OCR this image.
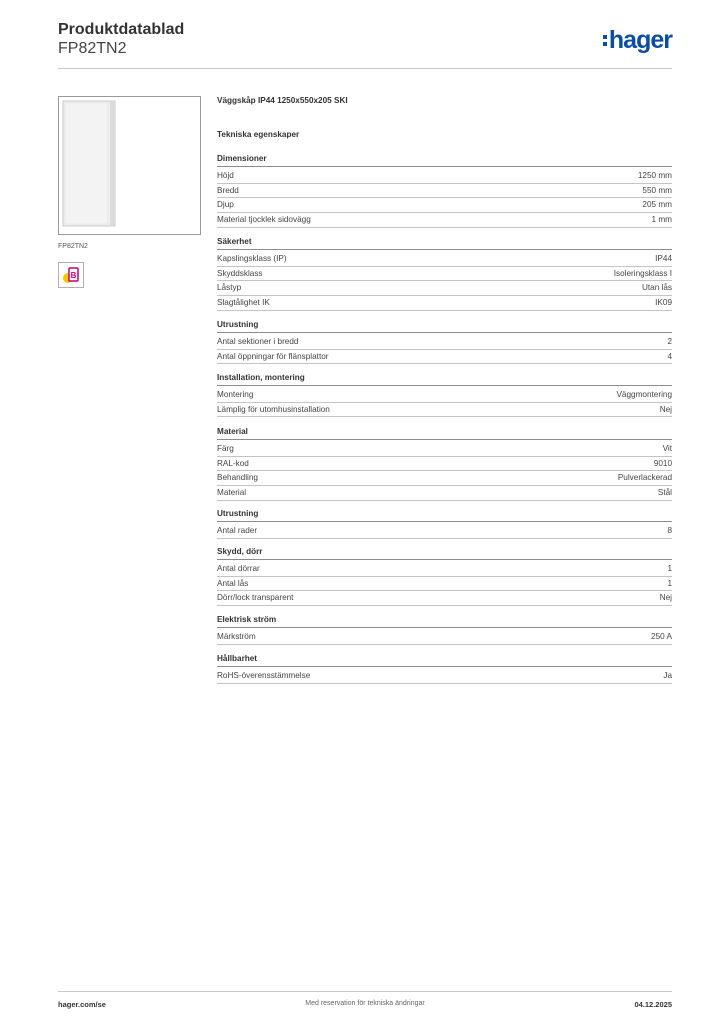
Produktdatablad
FP82TN2	hager
FP82TN2
B
Väggskåp IP44 1250x550x205 SKI
Tekniska egenskaper
Dimensioner
Höjd	1250 mm
Bredd	550 mm
Djup	205 mm
Material tjocklek sidovägg	1 mm
Säkerhet
Kapslingsklass (IP)	IP44
Skyddsklass	Isoleringsklass I
Låstyp	Utan lås
Slagtålighet IK	IK09
Utrustning
Antal sektioner i bredd	2
Antal öppningar för flänsplattor	4
Installation, montering
Montering	Väggmontering
Lämplig för utomhusinstallation	Nej
Material
Färg	Vit
RAL-kod	9010
Behandling	Pulverlackerad
Material	Stål
Utrustning
Antal rader	8
Skydd, dörr
Antal dörrar	1
Antal lås	1
Dörr/lock transparent	Nej
Elektrisk ström
Märkström	250 A
Hållbarhet
RoHS-överensstämmelse	Ja
hager.com/se	Med reservation för tekniska ändringar	04.12.2025
